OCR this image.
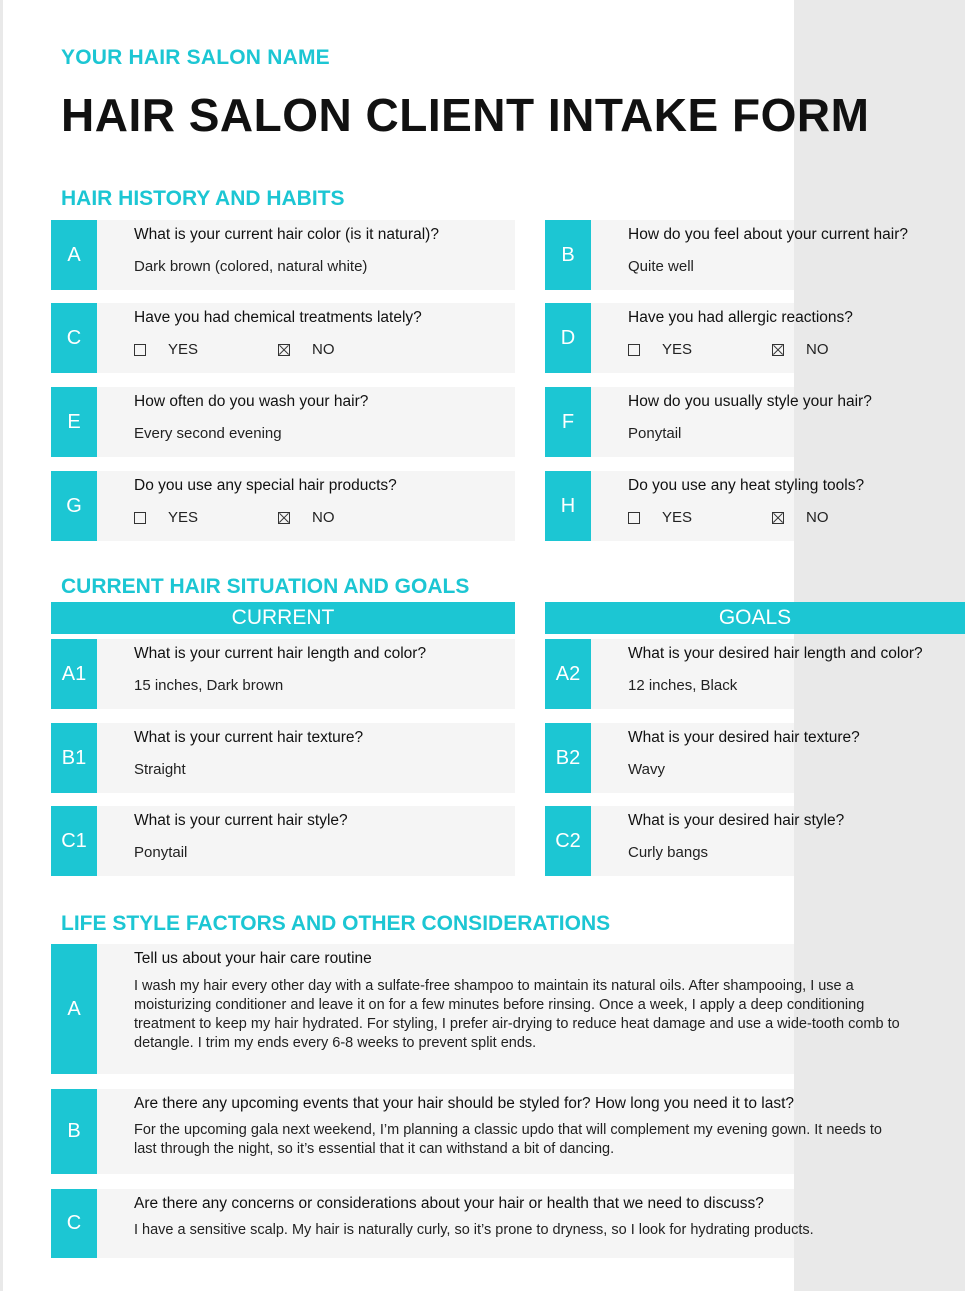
YOUR HAIR SALON NAME
HAIR SALON CLIENT INTAKE FORM
HAIR HISTORY AND HABITS
A
What is your current hair color (is it natural)?
Dark brown (colored, natural white)
B
How do you feel about your current hair?
Quite well
C
Have you had chemical treatments lately?
YES	NO
D
Have you had allergic reactions?
YES	NO
E
How often do you wash your hair?
Every second evening
F
How do you usually style your hair?
Ponytail
G
Do you use any special hair products?
YES	NO
H
Do you use any heat styling tools?
YES	NO
CURRENT HAIR SITUATION AND GOALS
CURRENT	GOALS
A1
What is your current hair length and color?
15 inches, Dark brown
A2
What is your desired hair length and color?
12 inches, Black
B1
What is your current hair texture?
Straight
B2
What is your desired hair texture?
Wavy
C1
What is your current hair style?
Ponytail
C2
What is your desired hair style?
Curly bangs
LIFE STYLE FACTORS AND OTHER CONSIDERATIONS
A
Tell us about your hair care routine
I wash my hair every other day with a sulfate-free shampoo to maintain its natural oils. After shampooing, I use a
moisturizing conditioner and leave it on for a few minutes before rinsing. Once a week, I apply a deep conditioning
treatment to keep my hair hydrated. For styling, I prefer air-drying to reduce heat damage and use a wide-tooth comb to
detangle. I trim my ends every 6-8 weeks to prevent split ends.
B
Are there any upcoming events that your hair should be styled for? How long you need it to last?
For the upcoming gala next weekend, I’m planning a classic updo that will complement my evening gown. It needs to
last through the night, so it’s essential that it can withstand a bit of dancing.
C
Are there any concerns or considerations about your hair or health that we need to discuss?
I have a sensitive scalp. My hair is naturally curly, so it’s prone to dryness, so I look for hydrating products.
